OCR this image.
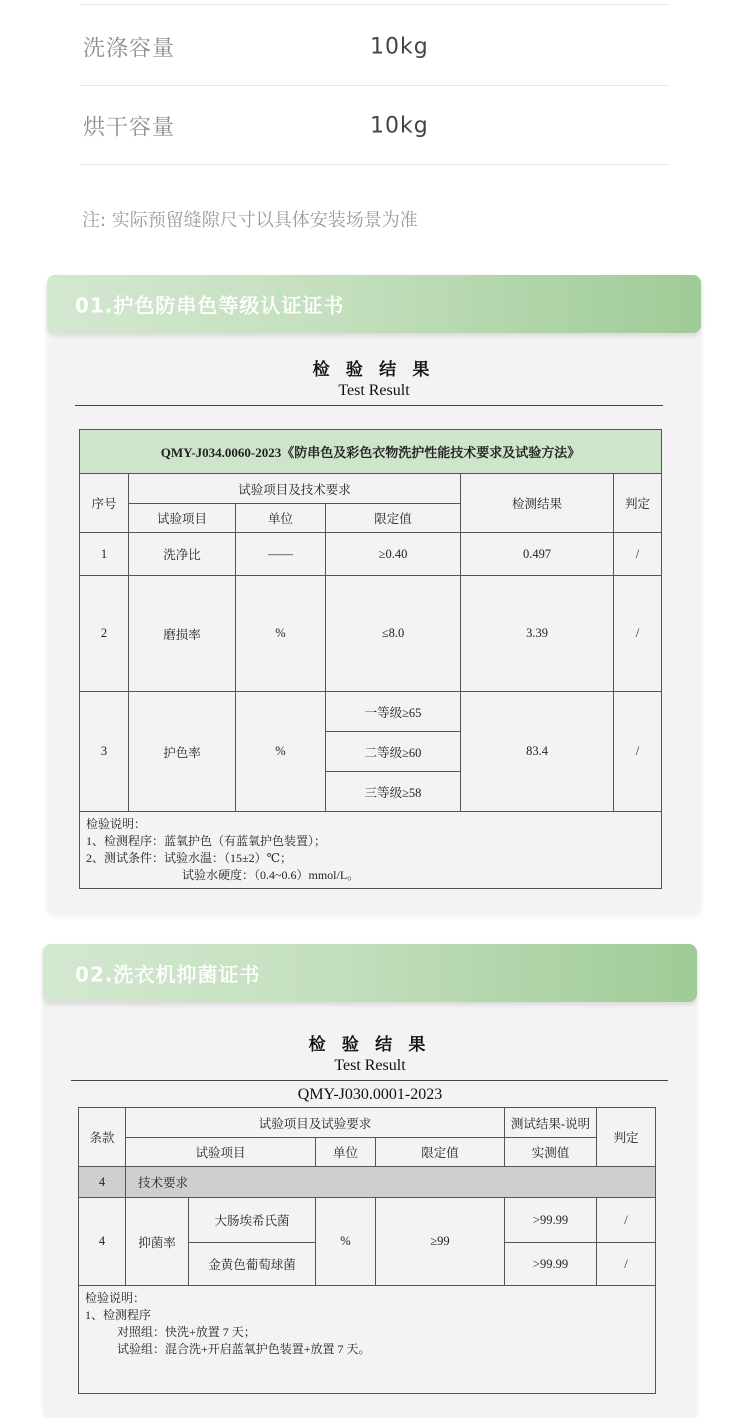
洗涤容量	10kg
烘干容量	10kg
注: 实际预留缝隙尺寸以具体安装场景为准
01.护色防串色等级认证证书
检 验 结 果
Test Result
QMY-J034.0060-2023《防串色及彩色衣物洗护性能技术要求及试验方法》					
序号	试验项目及技术要求			检测结果	判定
	试验项目	单位	限定值		
1	洗净比	——	≥0.40	0.497	/
2	磨损率	%	≤8.0	3.39	/
3	护色率	%	一等级≥65	83.4	/
			二等级≥60		
			三等级≥58		

检验说明：
1、检测程序：蓝氧护色（有蓝氧护色装置）；
2、测试条件：试验水温：（15±2）℃；
试验水硬度：（0.4~0.6）mmol/L。					
02.洗衣机抑菌证书
检 验 结 果
Test Result
QMY-J030.0001-2023
条款	试验项目及试验要求				测试结果-说明	判定
	试验项目		单位	限定值	实测值	
4	技术要求					
4	抑菌率	大肠埃希氏菌	%	≥99	>99.99	/
		金黄色葡萄球菌			>99.99	/

检验说明：
1、检测程序
对照组：快洗+放置 7 天；
试验组：混合洗+开启蓝氧护色装置+放置 7 天。						
